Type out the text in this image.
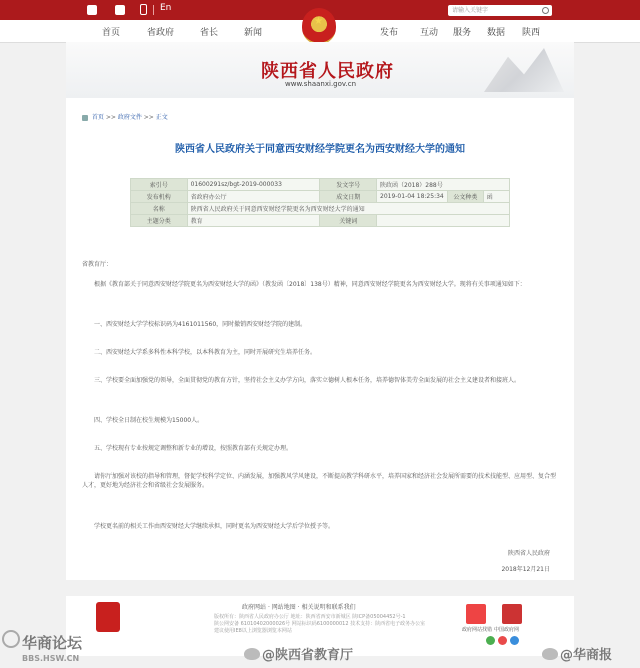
En	请输入关键字
首页	省政府	省长	新闻	发布 互动 服务 数据 陕西
★
陕西省人民政府
www.shaanxi.gov.cn
首页 >> 政府文件 >> 正文
陕西省人民政府关于同意西安财经学院更名为西安财经大学的通知
索引号	01600291sz/bgt-2019-000033	发文字号	陕政函（2018）288号		
发布机构	省政府办公厅	成文日期	2019-01-04 18:25:34	公文种类	函
名称	陕西省人民政府关于同意西安财经学院更名为西安财经大学的通知				
主题分类	教育	关键词			

省教育厅：

根据《教育部关于同意西安财经学院更名为西安财经大学的函》（教发函〔2018〕138号）精神，同意西安财经学院更名为西安财经大学。现将有关事项通知如下：

一、西安财经大学学校标识码为4161011560，同时撤销西安财经学院的建制。

二、西安财经大学系多科性本科学校，以本科教育为主，同时开展研究生培养任务。

三、学校要全面加强党的领导，全面贯彻党的教育方针，坚持社会主义办学方向，落实立德树人根本任务，培养德智体美劳全面发展的社会主义建设者和接班人。

四、学校全日制在校生规模为15000人。

五、学校现有专业按规定调整和新专业的增设，按照教育部有关规定办理。

请你厅加强对该校的指导和管理，督促学校科学定位、内涵发展，加强教风学风建设，不断提高教学科研水平，培养国家和经济社会发展所需要的技术技能型、应用型、复合型人才，更好地为经济社会和省级社会发展服务。

学校更名前的相关工作由西安财经大学继续承担，同时更名为西安财经大学后学位授予等。

陕西省人民政府
2018年12月21日
政府网站 · 网站地图 · 相关说明和联系我们
版权所有：陕西省人民政府办公厅 地址：陕西省西安市新城区 陕ICP备05004452号-1
陕公网安备 61010402000026号 网站标识码6100000012 技术支持：陕西省电子政务办公室
建议使用IE8以上浏览器浏览本网站	政府网站找错 中国政府网
华商论坛
BBS.HSW.CN	@陕西省教育厅	@华商报
